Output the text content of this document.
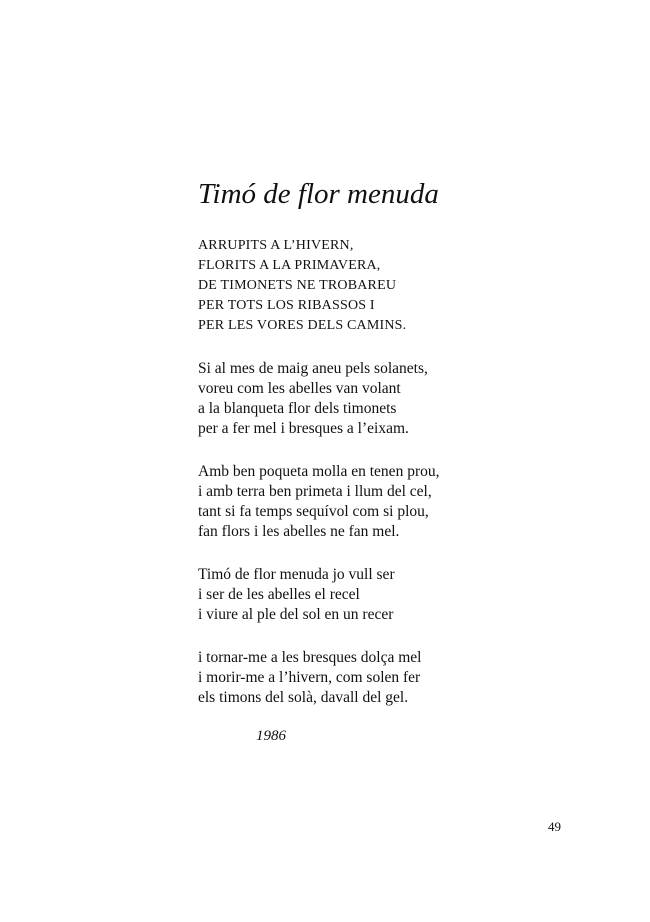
Timó de flor menuda
ARRUPITS A L’HIVERN,
FLORITS A LA PRIMAVERA,
DE TIMONETS NE TROBAREU
PER TOTS LOS RIBASSOS I
PER LES VORES DELS CAMINS.
Si al mes de maig aneu pels solanets,
voreu com les abelles van volant
a la blanqueta flor dels timonets
per a fer mel i bresques a l’eixam.
Amb ben poqueta molla en tenen prou,
i amb terra ben primeta i llum del cel,
tant si fa temps sequívol com si plou,
fan flors i les abelles ne fan mel.
Timó de flor menuda jo vull ser
i ser de les abelles el recel
i viure al ple del sol en un recer
i tornar-me a les bresques dolça mel
i morir-me a l’hivern, com solen fer
els timons del solà, davall del gel.
1986
49
